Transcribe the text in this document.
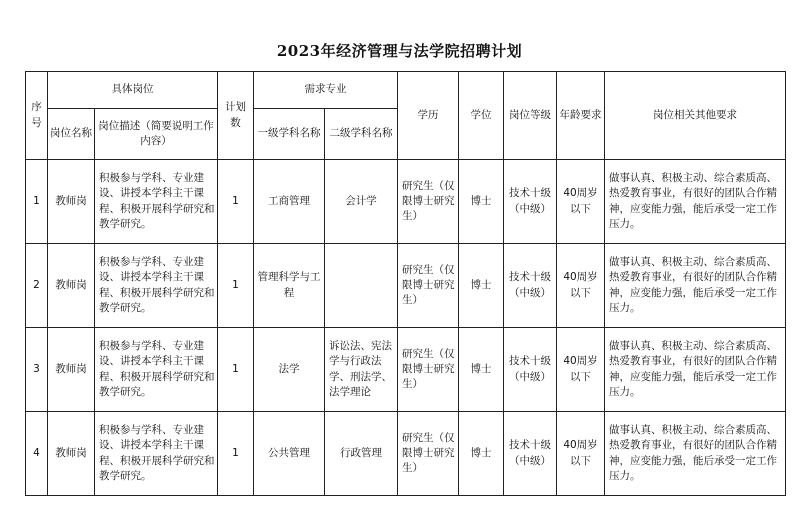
2023年经济管理与法学院招聘计划
序号	具体岗位		计划数	需求专业		学历	学位	岗位等级	年龄要求	岗位相关其他要求
	岗位名称	岗位描述（简要说明工作内容）		一级学科名称	二级学科名称					
1	教师岗	积极参与学科、专业建设、讲授本学科主干课程、积极开展科学研究和教学研究。	1	工商管理	会计学	研究生（仅限博士研究生）	博士	技术十级（中级）	40周岁以下	做事认真、积极主动、综合素质高、热爱教育事业，有很好的团队合作精神，应变能力强，能后承受一定工作压力。
2	教师岗	积极参与学科、专业建设、讲授本学科主干课程、积极开展科学研究和教学研究。	1	管理科学与工程		研究生（仅限博士研究生）	博士	技术十级（中级）	40周岁以下	做事认真、积极主动、综合素质高、热爱教育事业，有很好的团队合作精神，应变能力强，能后承受一定工作压力。
3	教师岗	积极参与学科、专业建设、讲授本学科主干课程、积极开展科学研究和教学研究。	1	法学	诉讼法、宪法学与行政法学、刑法学、法学理论	研究生（仅限博士研究生）	博士	技术十级（中级）	40周岁以下	做事认真、积极主动、综合素质高、热爱教育事业，有很好的团队合作精神，应变能力强，能后承受一定工作压力。
4	教师岗	积极参与学科、专业建设、讲授本学科主干课程、积极开展科学研究和教学研究。	1	公共管理	行政管理	研究生（仅限博士研究生）	博士	技术十级（中级）	40周岁以下	做事认真、积极主动、综合素质高、热爱教育事业，有很好的团队合作精神，应变能力强，能后承受一定工作压力。
